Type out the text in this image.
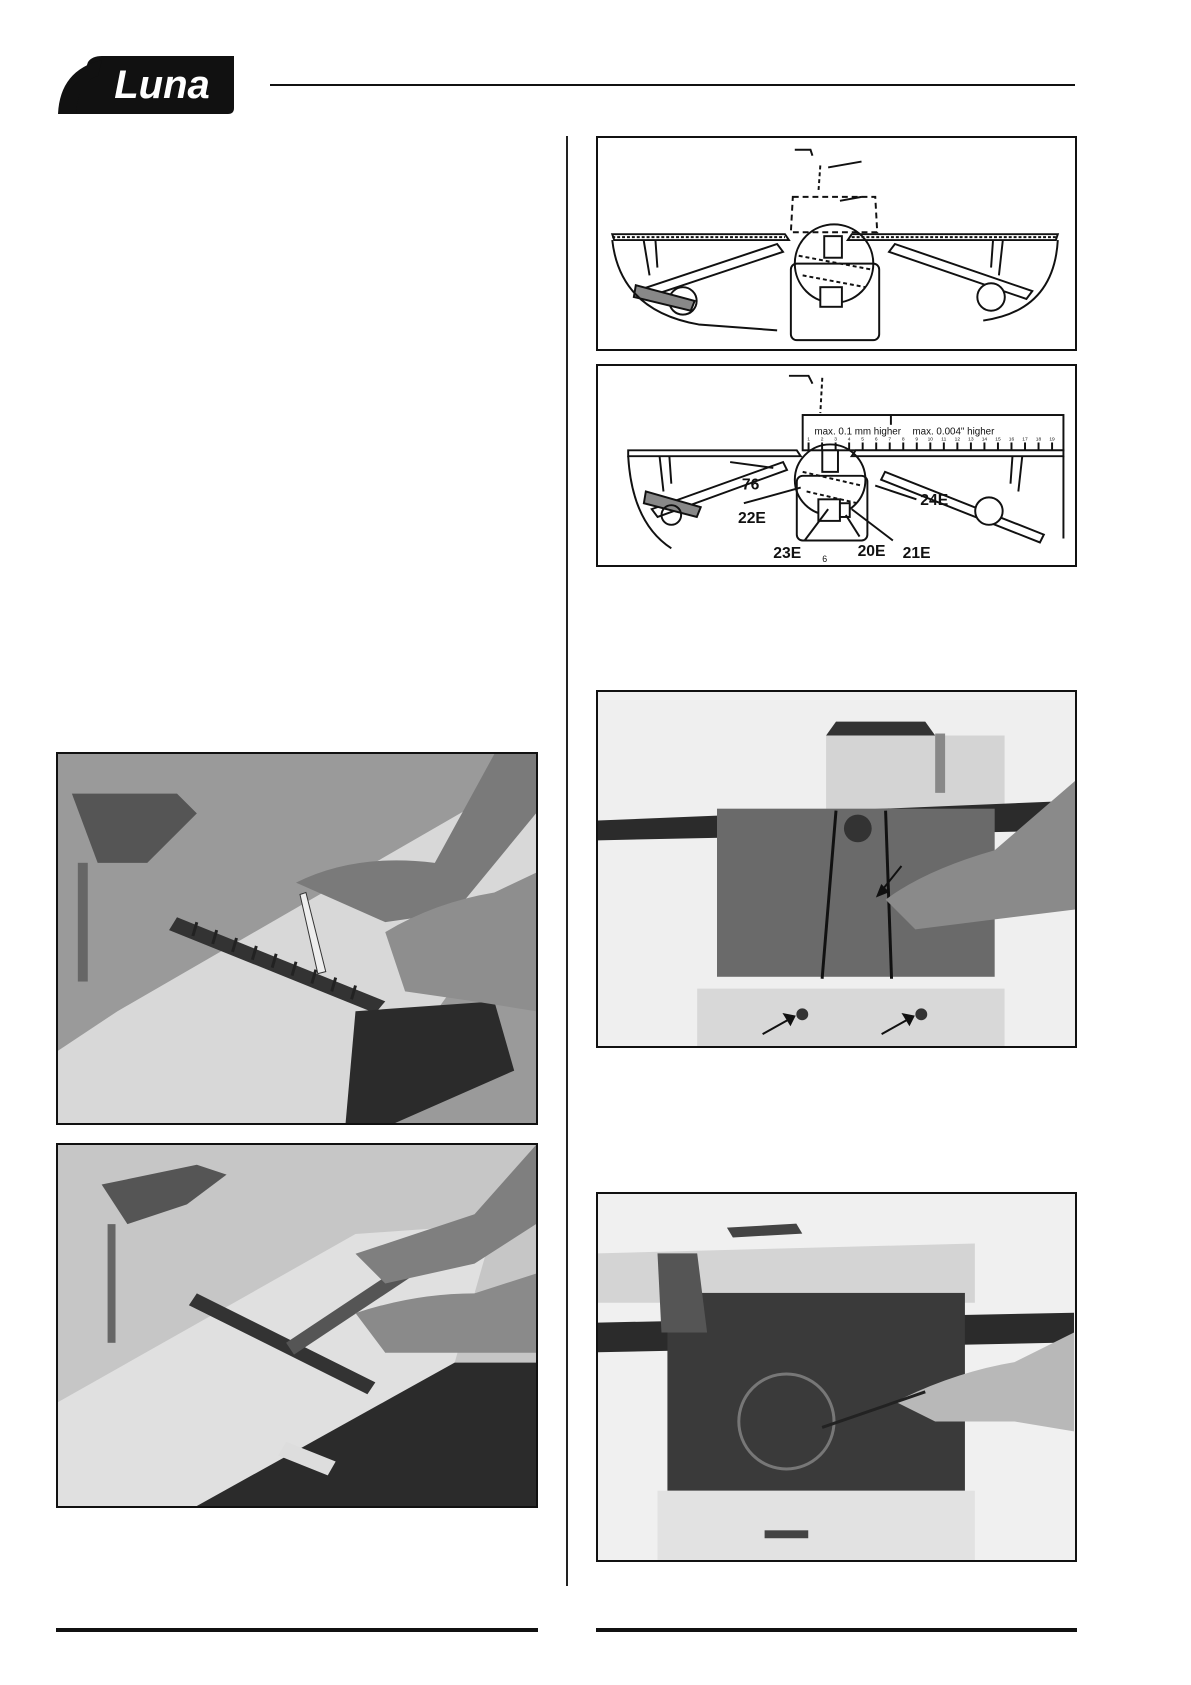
Luna
1 2 3 4 5 6 7 8 9 10 11 12 13 14 15 16 17 18 19
max. 0.1 mm higher max. 0.004" higher
76
22E
23E 6 20E 21E
24E
